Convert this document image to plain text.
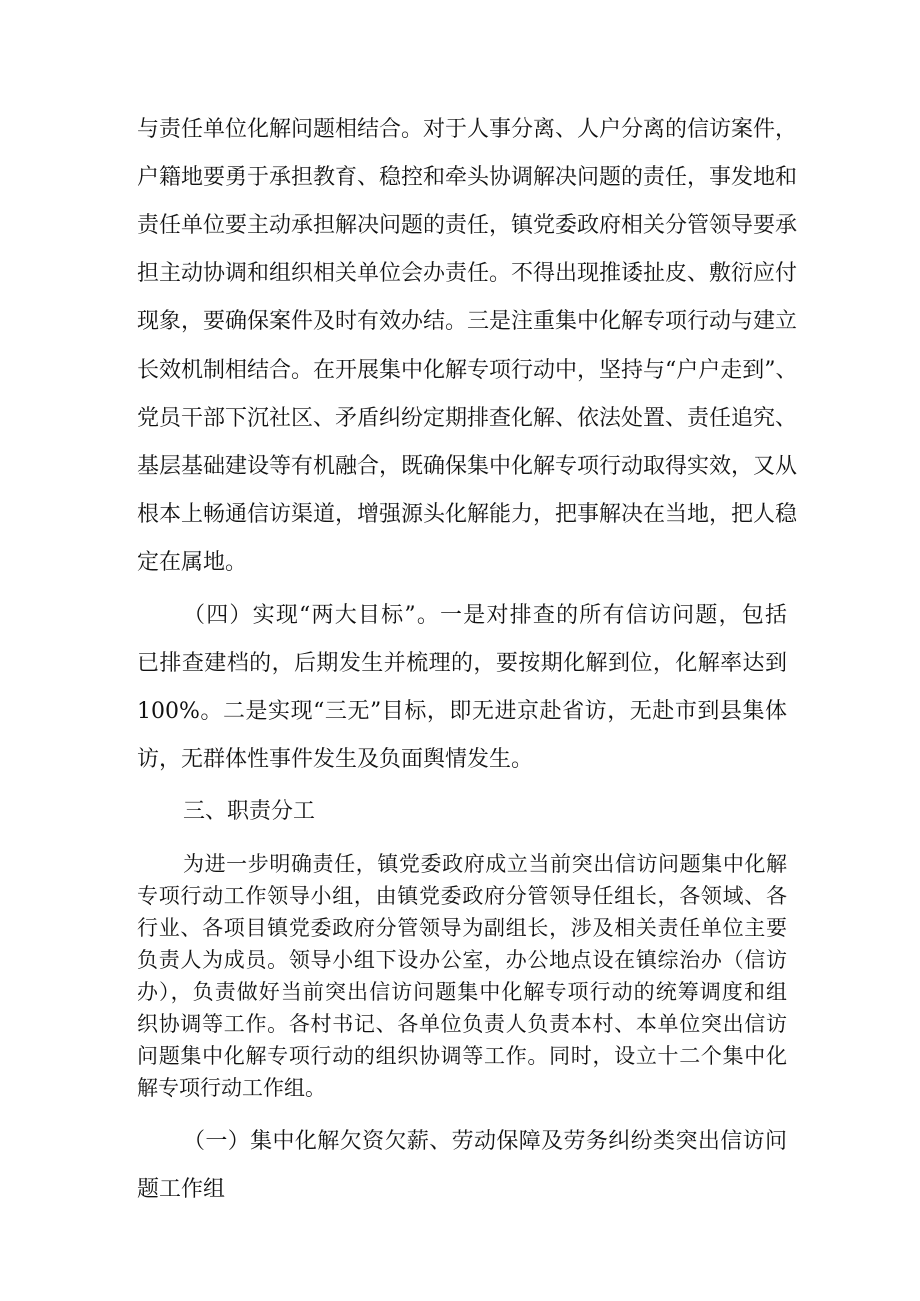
与责任单位化解问题相结合。对于人事分离、人户分离的信访案件，
户籍地要勇于承担教育、稳控和牵头协调解决问题的责任，事发地和
责任单位要主动承担解决问题的责任，镇党委政府相关分管领导要承
担主动协调和组织相关单位会办责任。不得出现推诿扯皮、敷衍应付
现象，要确保案件及时有效办结。三是注重集中化解专项行动与建立
长效机制相结合。在开展集中化解专项行动中，坚持与“户户走到”、
党员干部下沉社区、矛盾纠纷定期排查化解、依法处置、责任追究、
基层基础建设等有机融合，既确保集中化解专项行动取得实效，又从
根本上畅通信访渠道，增强源头化解能力，把事解决在当地，把人稳
定在属地。
（四）实现“两大目标”。一是对排查的所有信访问题，包括
已排查建档的，后期发生并梳理的，要按期化解到位，化解率达到
100%。二是实现“三无”目标，即无进京赴省访，无赴市到县集体
访，无群体性事件发生及负面舆情发生。
三、职责分工
为进一步明确责任，镇党委政府成立当前突出信访问题集中化解
专项行动工作领导小组，由镇党委政府分管领导任组长，各领域、各
行业、各项目镇党委政府分管领导为副组长，涉及相关责任单位主要
负责人为成员。领导小组下设办公室，办公地点设在镇综治办（信访
办），负责做好当前突出信访问题集中化解专项行动的统筹调度和组
织协调等工作。各村书记、各单位负责人负责本村、本单位突出信访
问题集中化解专项行动的组织协调等工作。同时，设立十二个集中化
解专项行动工作组。
（一）集中化解欠资欠薪、劳动保障及劳务纠纷类突出信访问
题工作组
